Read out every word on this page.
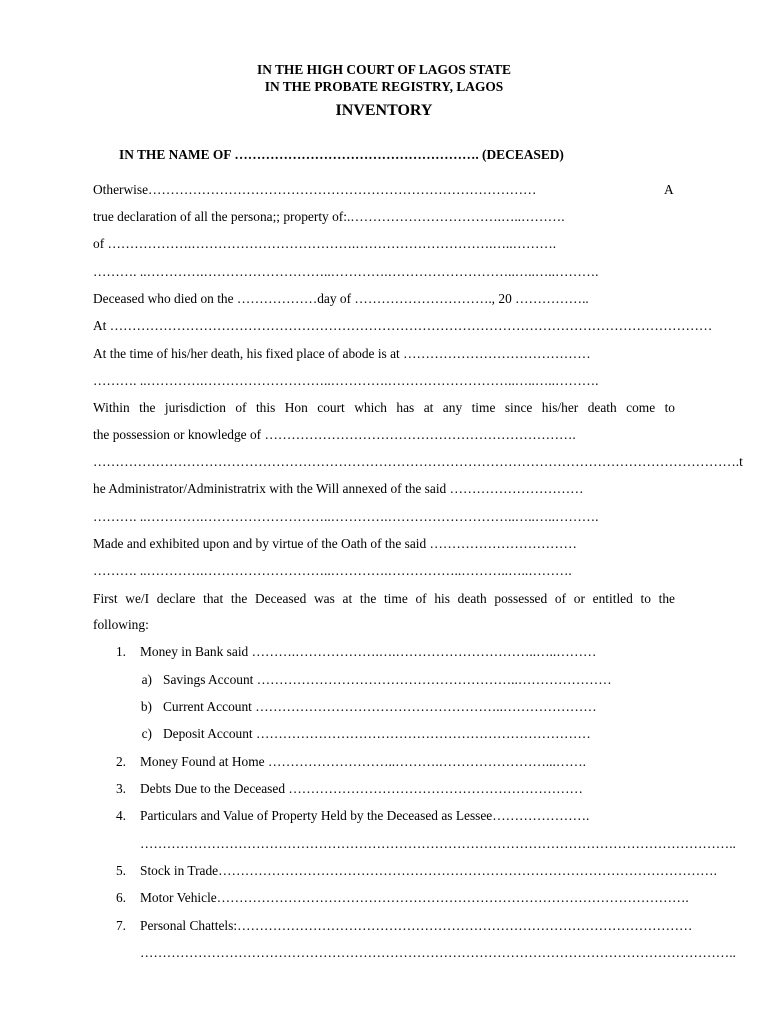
IN THE HIGH COURT OF LAGOS STATE
IN THE PROBATE REGISTRY, LAGOS
INVENTORY
IN THE NAME OF ………………………………………………. (DECEASED)
Otherwise……………………………………………………………………………	A
true declaration of all the persona;; property of:.…………………………….…..……….
of ……………….……………………………….………………………….…..……….
………. ..………….………………………..………….………………………..…..…..……….
Deceased who died on the ………………day of …………………………., 20 ……………..
At ………………………………………………………………………………………………………………………
At the time of his/her death, his fixed place of abode is at ……………………………………
………. ..………….………………………..………….………………………..…..…..……….
Within the jurisdiction of this Hon court which has at any time since his/her death come to
the possession or knowledge of …………………………………………………………….
……………………………………………………………………………………………………………………………….t
he Administrator/Administratrix with the Will annexed of the said …………………………
………. ..………….………………………..………….………………………..…..…..……….
Made and exhibited upon and by virtue of the Oath of the said ……………………………
………. ..………….………………………..………….……………..………..…..……….
First we/I declare that the Deceased was at the time of his death possessed of or entitled to the
following:
1. Money in Bank said ……….……………….….…………………………..…..………
a) Savings Account …………………………………………………..…………………
b) Current Account ………………………………………………..…………………
c) Deposit Account …………………………………………………………………
2. Money Found at Home ………………………..……….……………………...…….
3. Debts Due to the Deceased …………………………………………………………
4. Particulars and Value of Property Held by the Deceased as Lessee………………….
……………………………………………………………………………………………………………………..
5. Stock in Trade………………………………………………………………………………………………….
6. Motor Vehicle…………………………………………………………………………………………….
7. Personal Chattels:…………………………………………………………………………………………
……………………………………………………………………………………………………………………..
